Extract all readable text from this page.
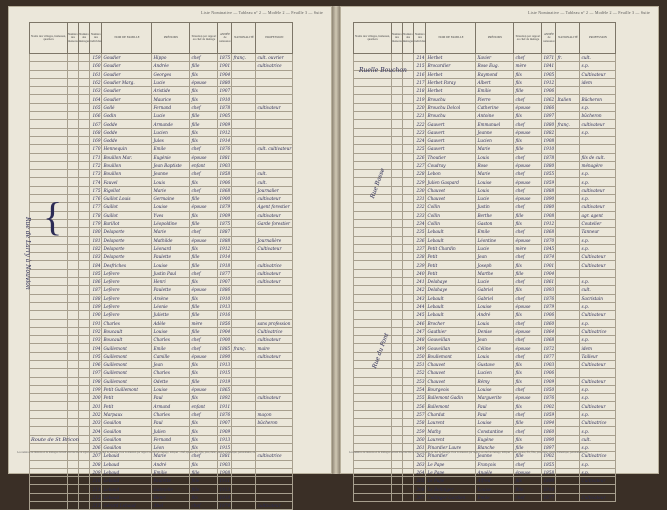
Liste Nominative — Tableau n° 2 — Modèle 2 — Feuille 3 — Suite
Noms des villages, hameaux, quartiers	Numéro des maisons	Numéro des ménages	Numéro des individus	NOM DE FAMILLE	PRÉNOMS	Situation par rapport au chef de ménage	ANNÉE de naissance	NATIONALITÉ	PROFESSION
			159	Goudier	Hippo	chef	1875	franç.	cult. ouvrier
			160	Goudier	Andrée	fille	1901		cultivatrice
			161	Goudier	Georges	fils	1904		
			162	Goudier Marg.	Lucie	épouse	1880		
			163	Goudier	Aristide	fils	1907		
			164	Goudier	Maurice	fils	1910		
			165	Gollé	Fernand	chef	1878		cultivateur
			166	Godin	Lucie	fille	1905		
			167	Godde	Armande	fille	1909		
			168	Godde	Lucien	fils	1912		
			169	Godde	Jules	fils	1914		
			170	Hennequin	Emile	chef	1876		cult. cultivateur
			171	Bouillon Mar.	Eugénie	épouse	1881		
			172	Bouillon	Jean Baptiste	enfant	1903		
			173	Bouillon	Jeanne	chef	1858		cult.
			174	Fauvel	Louis	fils	1906		cult.
			175	Rigollot	Marie	chef	1868		Journalier
			176	Guillot Louis	Germaine	fille	1900		cultivateur
			177	Guillot	Louise	épouse	1879		Agent forestier
			178	Guillot	Yves	fils	1909		cultivateur
			179	Barillot	Léopoldine	fille	1875		Garde forestier
			180	Delaporte	Marie	chef	1887		
			181	Delaporte	Mathilde	épouse	1888		Journalière
			182	Delaporte	Léonard	fils	1912		Cultivateur
			183	Delaporte	Paulette	fille	1914		
			184	Desfriches	Louise	fille	1918		cultivatrice
			185	Lefèvre	Justin Paul	chef	1877		cultivateur
			186	Lefèvre	Henri	fils	1907		cultivateur
			187	Lefèvre	Paulette	épouse	1886		
			188	Lefèvre	Arsène	fils	1910		
			189	Lefèvre	Léonie	fille	1913		
			190	Lefèvre	Juliette	fille	1916		
			191	Charles	Adèle	mère	1856		sans profession
			192	Boucault	Louise	fille	1904		Cultivatrice
			193	Boucault	Charles	chef	1900		cultivateur
			194	Guillemont	Emile	chef	1885	franç.	maire
			195	Guillemont	Camille	épouse	1890		cultivateur
			196	Guillemont	Jean	fils	1913		
			197	Guillemont	Charles	fils	1915		
			198	Guillemont	Odette	fille	1919		
			199	Petit Guillemont	Louise	épouse	1865		
			200	Petit	Paul	fils	1892		cultivateur
			201	Petit	Armand	enfant	1911		
			202	Marpaux	Charles	chef	1876		maçon
			203	Gouillon	Paul	fils	1907		bûcheron
			204	Gouillon	Julien	fils	1909		
			205	Gouillon	Fernand	fils	1913		
			206	Gouillon	Léon	fils	1915		
			207	Lebaud	Marie	chef	1881		cultivatrice
			208	Lebaud	André	fils	1903		
			209	Lebaud	Emilie	fille	1908		
			210	Lebaud	Paulette	fille	1911		
			211	Lebaud	Gabrielle	fille	1913		
			212	Lebaud	Henri	fils	1918		
			213	Gérard Lebaud	Abel	chef	1874		cultivateur
{
Rue de Larry à Nouvion
Route de St Bricon
Les numéros de maisons et de ménages doivent être inscrits en regard du nom du chef de ménage. Pour la situation par rapport au chef de ménage, indiquer : chef, épouse, fils, fille, père, mère, parent, domestique, pensionnaire, etc.
Liste Nominative — Tableau n° 2 — Modèle 2 — Feuille 3 — Suite
Noms des villages, hameaux, quartiers	Numéro des maisons	Numéro des ménages	Numéro des individus	NOM DE FAMILLE	PRÉNOMS	Situation par rapport au chef de ménage	ANNÉE de naissance	NATIONALITÉ	PROFESSION
			214	Herbet	Xavier	chef	1871	fr.	cult.
			215	Brocardier	Rose Eug.	mère	1841		s.p.
			216	Herbet	Raymond	fils	1905		Cultivateur
			217	Herbet Paray	Albert	fils	1912		idem
			218	Herbet	Emilie	fille	1906		
			219	Brouchu	Pierre	chef	1862	Italien	Bûcheron
			220	Brouchu Delcol	Catherine	épouse	1866		s.p.
			221	Brouchu	Antoine	fils	1897		bûcheron
			222	Gauvert	Emmanuel	chef	1880	franç.	cultivateur
			223	Gauvert	Jeanne	épouse	1882		s.p.
			224	Gauvert	Lucien	fils	1908		
			225	Gauvert	Marie	fille	1910		
			226	Thoutier	Louis	chef	1878		fils de cult.
			227	Coudray	Rose	épouse	1880		ménagère
			228	Lebon	Marie	chef	1855		s.p.
			229	Julien Gaspard	Louise	épouse	1859		s.p.
			230	Chauvet	Louis	chef	1888		cultivateur
			231	Chauvet	Lucie	épouse	1890		s.p.
			232	Collin	Justin	chef	1880		cultivateur
			233	Collin	Berthe	fille	1908		agr. agent
			234	Collin	Gaston	fils	1912		Coutelier
			235	Lebault	Emile	chef	1868		Tanneur
			236	Lebault	Léontine	épouse	1870		s.p.
			237	Petit Chardin	Lucie	mère	1845		s.p.
			238	Petit	Jean	chef	1874		Cultivateur
			239	Petit	Joseph	fils	1901		Cultivateur
			240	Petit	Marthe	fille	1904		
			241	Delahaye	Lucie	chef	1861		s.p.
			242	Delahaye	Gabriel	fils	1893		cult.
			243	Lebault	Gabriel	chef	1876		Sacristain
			244	Lebault	Louise	épouse	1879		s.p.
			245	Lebault	André	fils	1906		Cultivateur
			246	Brocher	Louis	chef	1860		s.p.
			247	Gauthier	Denise	épouse	1864		Cultivatrice
			248	Gouveillan	Jean	chef	1868		s.p.
			249	Gouveillan	Céline	épouse	1872		idem
			250	Boullemont	Louis	chef	1877		Tailleur
			251	Chauvet	Gustave	fils	1903		Cultivateur
			252	Chauvet	Lucien	fils	1906		
			253	Chauvet	Rémy	fils	1909		Cultivateur
			254	Bourgeois	Louise	chef	1850		s.p.
			255	Ballemont Gadin	Marguerite	épouse	1876		s.p.
			256	Ballemont	Paul	fils	1902		Cultivateur
			257	Chardat	Paul	chef	1859		s.p.
			258	Laurent	Louise	fille	1894		Cultivatrice
			259	Mathy	Constantine	chef	1860		s.p.
			260	Laurent	Eugène	fils	1890		cult.
			261	Pinardier Laure	Blanche	fille	1897		s.p.
			262	Pinardier	Jeanne	fille	1902		Cultivatrice
			263	Le Pape	François	chef	1855		s.p.
			264	Le Pape	Angèle	épouse	1858		s.p.
			265	Le Pape	Alfred	fils	1890		Cultivateur
			266	Le Bellinger	Louise	fille	1910		
			267	Collinger Gardien	Emile	chef	1877		Cultivateur
Ruelle Bouchon
Rue Basse
Rue du Pont
Les numéros de maisons et de ménages doivent être inscrits en regard du nom du chef de ménage. Pour la situation par rapport au chef de ménage, indiquer : chef, épouse, fils, fille, père, mère, parent, domestique, pensionnaire, etc.
